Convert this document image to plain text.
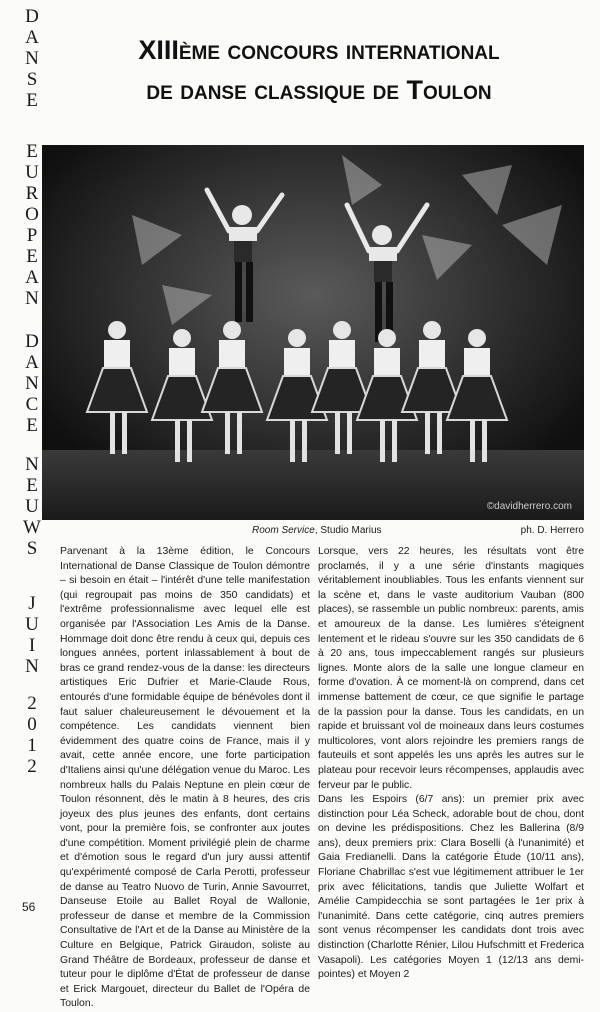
D
A
N
S
E
E
U
R
O
P
E
A
N
D
A
N
C
E
N
E
U
W
S
J
U
I
N
2
0
1
2
XIIIème concours international
de danse classique de Toulon
©davidherrero.com
Room Service, Studio Marius	ph. D. Herrero

Parvenant à la 13ème édition, le Concours International de Danse Classique de Toulon démontre – si besoin en était – l'intérêt d'une telle manifestation (qui regroupait pas moins de 350 candidats) et l'extrême professionnalisme avec lequel elle est organisée par l'Association Les Amis de la Danse. Hommage doit donc être rendu à ceux qui, depuis ces longues années, portent inlassablement à bout de bras ce grand rendez-vous de la danse: les directeurs artistiques Eric Dufrier et Marie-Claude Rous, entourés d'une formidable équipe de bénévoles dont il faut saluer chaleureusement le dévouement et la compétence. Les candidats viennent bien évidemment des quatre coins de France, mais il y avait, cette année encore, une forte participation d'Italiens ainsi qu'une délégation venue du Maroc. Les nombreux halls du Palais Neptune en plein cœur de Toulon résonnent, dès le matin à 8 heures, des cris joyeux des plus jeunes des enfants, dont certains vont, pour la première fois, se confronter aux joutes d'une compétition. Moment privilégié plein de charme et d'émotion sous le regard d'un jury aussi attentif qu'expérimenté composé de Carla Perotti, professeur de danse au Teatro Nuovo de Turin, Annie Savourret, Danseuse Etoile au Ballet Royal de Wallonie, professeur de danse et membre de la Commission Consultative de l'Art et de la Danse au Ministère de la Culture en Belgique, Patrick Giraudon, soliste au Grand Théâtre de Bordeaux, professeur de danse et tuteur pour le diplôme d'État de professeur de danse et Erick Margouet, directeur du Ballet de l'Opéra de Toulon.

Lorsque, vers 22 heures, les résultats vont être proclamés, il y a une série d'instants magiques véritablement inoubliables. Tous les enfants viennent sur la scène et, dans le vaste auditorium Vauban (800 places), se rassemble un public nombreux: parents, amis et amoureux de la danse. Les lumières s'éteignent lentement et le rideau s'ouvre sur les 350 candidats de 6 à 20 ans, tous impeccablement rangés sur plusieurs lignes. Monte alors de la salle une longue clameur en forme d'ovation. À ce moment-là on comprend, dans cet immense battement de cœur, ce que signifie le partage de la passion pour la danse. Tous les candidats, en un rapide et bruissant vol de moineaux dans leurs costumes multicolores, vont alors rejoindre les premiers rangs de fauteuils et sont appelés les uns après les autres sur le plateau pour recevoir leurs récompenses, applaudis avec ferveur par le public.

Dans les Espoirs (6/7 ans): un premier prix avec distinction pour Léa Scheck, adorable bout de chou, dont on devine les prédispositions. Chez les Ballerina (8/9 ans), deux premiers prix: Clara Boselli (à l'unanimité) et Gaia Fredianelli. Dans la catégorie Étude (10/11 ans), Floriane Chabrillac s'est vue légitimement attribuer le 1er prix avec félicitations, tandis que Juliette Wolfart et Amélie Campidecchia se sont partagées le 1er prix à l'unanimité. Dans cette catégorie, cinq autres premiers sont venus récompenser les candidats dont trois avec distinction (Charlotte Rénier, Lilou Hufschmitt et Frederica Vasapoli). Les catégories Moyen 1 (12/13 ans demi-pointes) et Moyen 2

56
